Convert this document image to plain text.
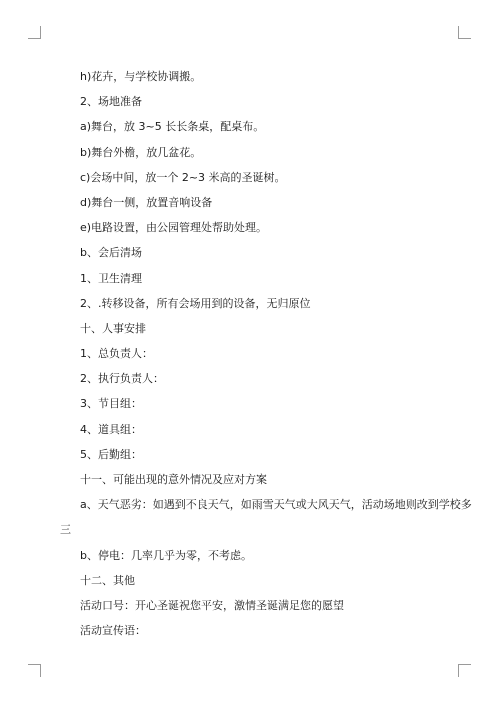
h)花卉，与学校协调搬。
2、场地准备
a)舞台，放 3~5 长长条桌，配桌布。
b)舞台外檐，放几盆花。
c)会场中间，放一个 2~3 米高的圣诞树。
d)舞台一侧，放置音响设备
e)电路设置，由公园管理处帮助处理。
b、会后清场
1、卫生清理
2、.转移设备，所有会场用到的设备，无归原位
十、人事安排
1、总负责人：
2、执行负责人：
3、节目组：
4、道具组：
5、后勤组：
十一、可能出现的意外情况及应对方案
a、天气恶劣：如遇到不良天气，如雨雪天气或大风天气，活动场地则改到学校多
三
b、停电：几率几乎为零，不考虑。
十二、其他
活动口号：开心圣诞祝您平安，激情圣诞满足您的愿望
活动宣传语：
